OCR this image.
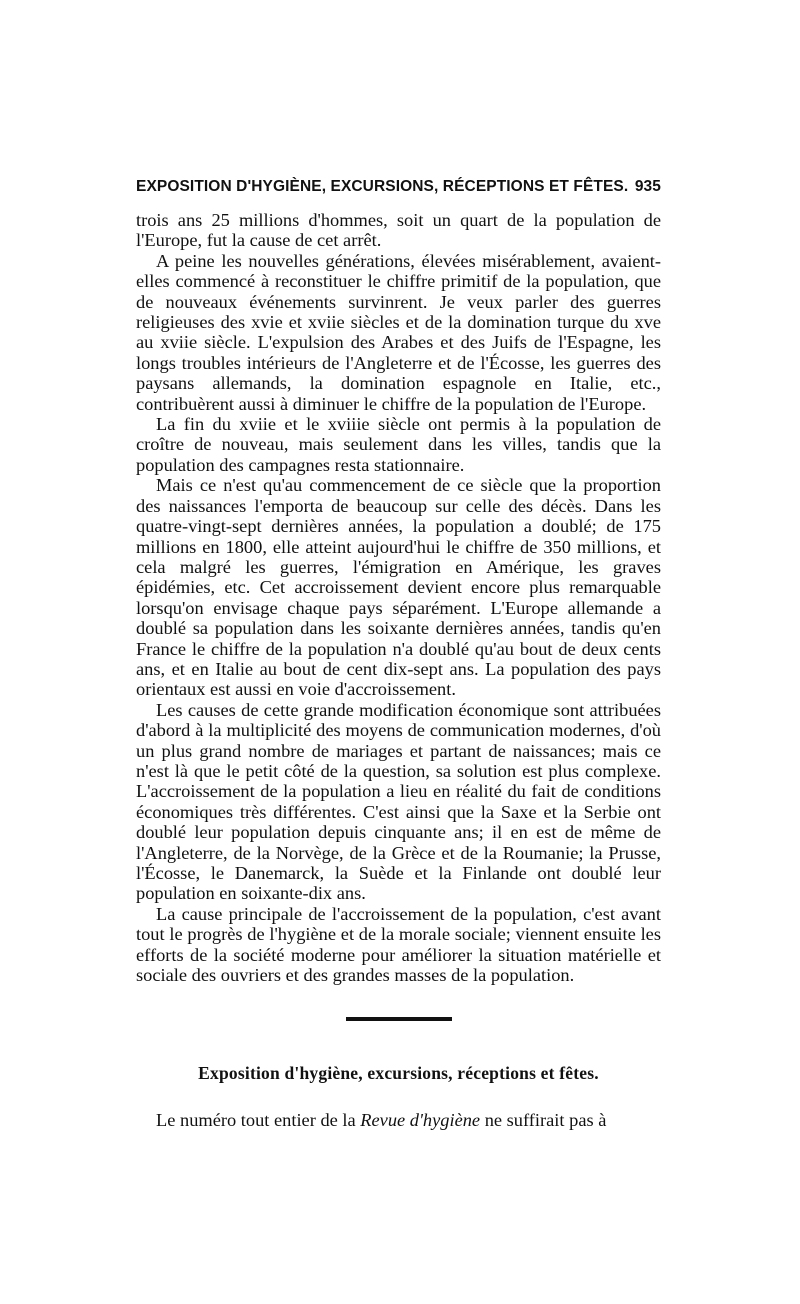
EXPOSITION D'HYGIÈNE, EXCURSIONS, RÉCEPTIONS ET FÊTES. 935

trois ans 25 millions d'hommes, soit un quart de la population de l'Europe, fut la cause de cet arrêt.

A peine les nouvelles générations, élevées misérablement, avaient-elles commencé à reconstituer le chiffre primitif de la population, que de nouveaux événements survinrent. Je veux parler des guerres religieuses des xvie et xviie siècles et de la domination turque du xve au xviie siècle. L'expulsion des Arabes et des Juifs de l'Espagne, les longs troubles intérieurs de l'Angleterre et de l'Écosse, les guerres des paysans allemands, la domination espagnole en Italie, etc., contribuèrent aussi à diminuer le chiffre de la population de l'Europe.

La fin du xviie et le xviiie siècle ont permis à la population de croître de nouveau, mais seulement dans les villes, tandis que la population des campagnes resta stationnaire.

Mais ce n'est qu'au commencement de ce siècle que la proportion des naissances l'emporta de beaucoup sur celle des décès. Dans les quatre-vingt-sept dernières années, la population a doublé; de 175 millions en 1800, elle atteint aujourd'hui le chiffre de 350 millions, et cela malgré les guerres, l'émigration en Amérique, les graves épidémies, etc. Cet accroissement devient encore plus remarquable lorsqu'on envisage chaque pays séparément. L'Europe allemande a doublé sa population dans les soixante dernières années, tandis qu'en France le chiffre de la population n'a doublé qu'au bout de deux cents ans, et en Italie au bout de cent dix-sept ans. La population des pays orientaux est aussi en voie d'accroissement.

Les causes de cette grande modification économique sont attribuées d'abord à la multiplicité des moyens de communication modernes, d'où un plus grand nombre de mariages et partant de naissances; mais ce n'est là que le petit côté de la question, sa solution est plus complexe. L'accroissement de la population a lieu en réalité du fait de conditions économiques très différentes. C'est ainsi que la Saxe et la Serbie ont doublé leur population depuis cinquante ans; il en est de même de l'Angleterre, de la Norvège, de la Grèce et de la Roumanie; la Prusse, l'Écosse, le Danemarck, la Suède et la Finlande ont doublé leur population en soixante-dix ans.

La cause principale de l'accroissement de la population, c'est avant tout le progrès de l'hygiène et de la morale sociale; viennent ensuite les efforts de la société moderne pour améliorer la situation matérielle et sociale des ouvriers et des grandes masses de la population.

Exposition d'hygiène, excursions, réceptions et fêtes.
Le numéro tout entier de la Revue d'hygiène ne suffirait pas à
